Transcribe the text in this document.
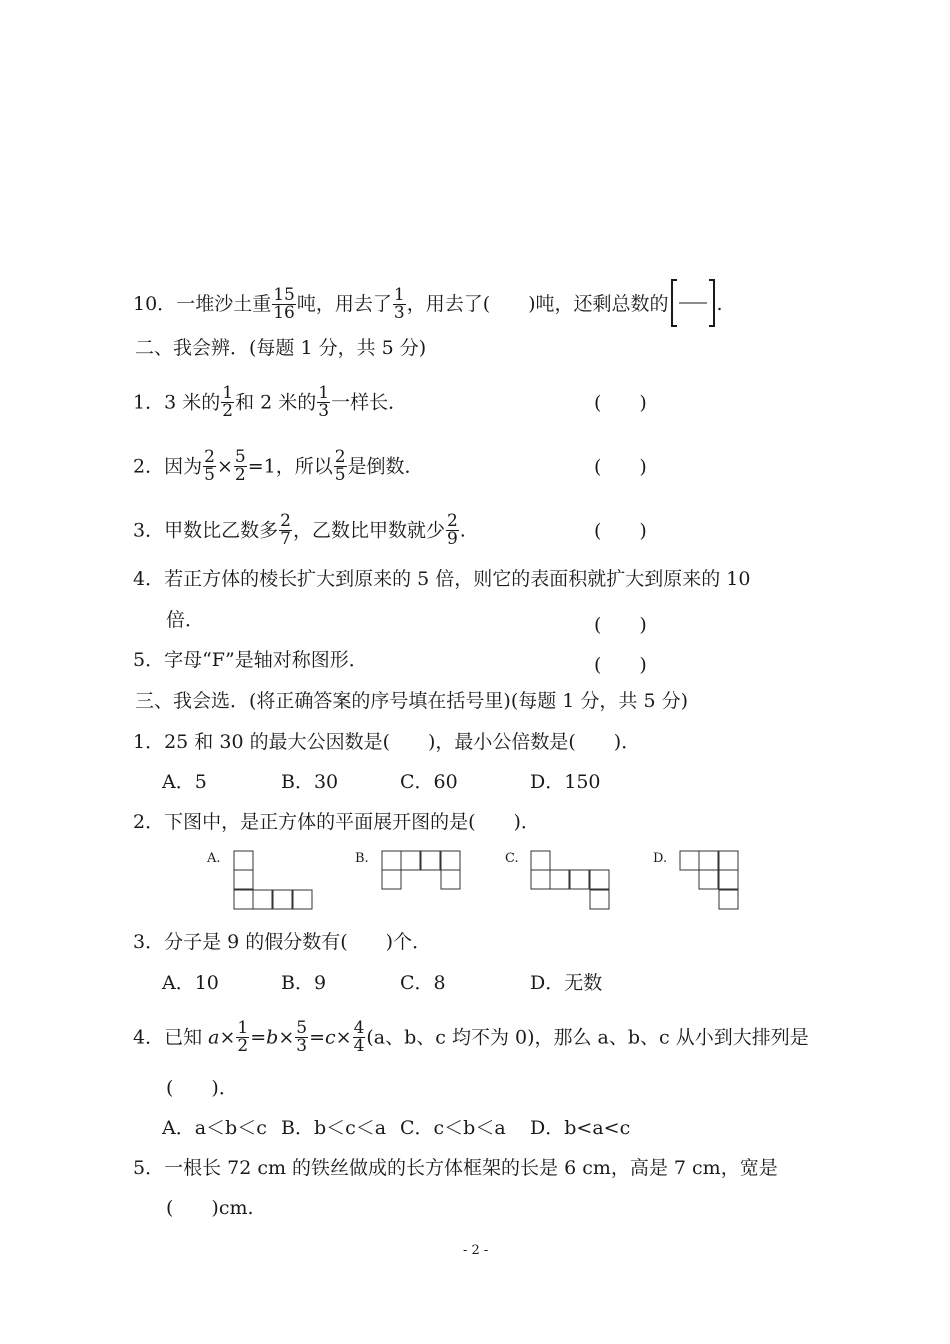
10．一堆沙土重 $\frac{15}{16}$ 吨，用去了 $\frac{1}{3}$ ，用去了(　　)吨，还剩总数的	.
二、我会辨．(每题 1 分，共 5 分)
1．3 米的 $\frac{1}{2}$ 和 2 米的 $\frac{1}{3}$ 一样长．	(　　)
2．因为 $\frac{2}{5} \times \frac{5}{2} =1$，所以 $\frac{2}{5}$ 是倒数．	(　　)
3．甲数比乙数多 $\frac{2}{7}$ ，乙数比甲数就少 $\frac{2}{9}$ .	(　　)
4．若正方体的棱长扩大到原来的 5 倍，则它的表面积就扩大到原来的 10
倍．	(　　)
5．字母“F”是轴对称图形．	(　　)
三、我会选．(将正确答案的序号填在括号里)(每题 1 分，共 5 分)
1．25 和 30 的最大公因数是(　　)，最小公倍数是(　　)．
A．5	B．30	C．60	D．150
2．下图中，是正方体的平面展开图的是(　　)．
A.	B.	C.	D.
3．分子是 9 的假分数有(　　)个．
A．10	B．9	C．8	D．无数
4．已知 $a\times \frac{1}{2} =b\times \frac{5}{3} =c\times \frac{4}{4} (a$、b、c 均不为 0)，那么 a、b、c 从小到大排列是
(　　)．
A．a＜b＜c B．b＜c＜a C．c＜b＜a D．b<a<c
5．一根长 72 cm 的铁丝做成的长方体框架的长是 6 cm，高是 7 cm，宽是
(　　)cm.
- 2 -
